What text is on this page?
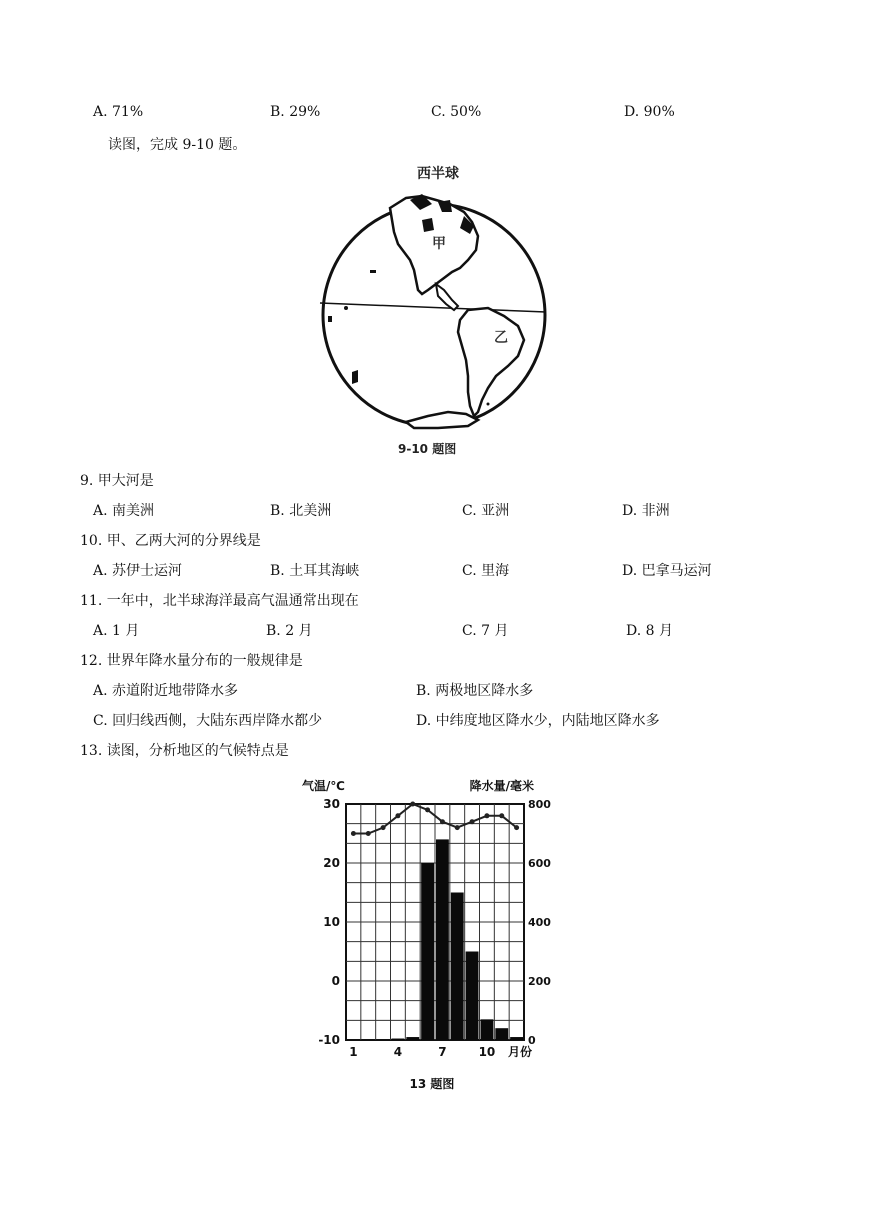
A. 71%	B. 29%	C. 50%	D. 90%
读图，完成 9-10 题。
西半球
甲
乙
9-10 题图
9. 甲大河是
A. 南美洲	B. 北美洲	C. 亚洲	D. 非洲
10. 甲、乙两大河的分界线是
A. 苏伊士运河	B. 土耳其海峡	C. 里海	D. 巴拿马运河
11. 一年中，北半球海洋最高气温通常出现在
A. 1 月	B. 2 月	C. 7 月	D. 8 月
12. 世界年降水量分布的一般规律是
A. 赤道附近地带降水多	B. 两极地区降水多
C. 回归线西侧，大陆东西岸降水都少	D. 中纬度地区降水少，内陆地区降水多
13. 读图，分析地区的气候特点是
气温/℃	降水量/毫米
30
20
10
0
-10
800
600
400
200
0
1	4	7	10 月份
13 题图
